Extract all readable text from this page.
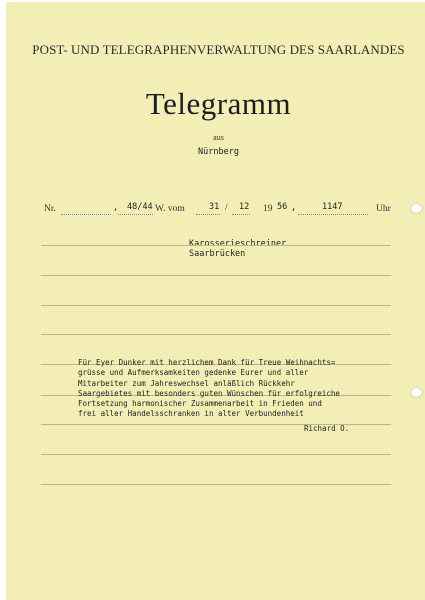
POST- UND TELEGRAPHENVERWALTUNG DES SAARLANDES
Telegramm
aus
Nürnberg
Nr.	, 48/44 W. vom	31 / 12 19 56 ,	1147	Uhr
Karosserieschreiner
Saarbrücken
Für Eyer Dunker mit herzlichem Dank für Treue Weihnachts=
grüsse und Aufmerksamkeiten gedenke Eurer und aller
Mitarbeiter zum Jahreswechsel anläßlich Rückkehr
Saargebietes mit besonders guten Wünschen für erfolgreiche
Fortsetzung harmonischer Zusammenarbeit in Frieden und
frei aller Handelsschranken in alter Verbundenheit
Richard O.
